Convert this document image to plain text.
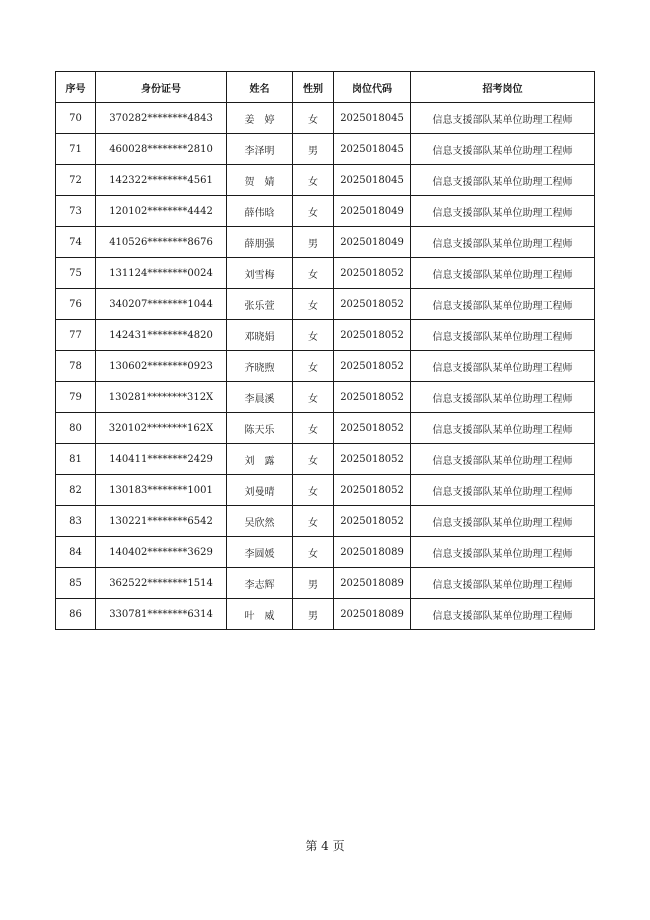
序号	身份证号	姓名	性别	岗位代码	招考岗位
70	370282********4843	姜　婷	女	2025018045	信息支援部队某单位助理工程师
71	460028********2810	李泽明	男	2025018045	信息支援部队某单位助理工程师
72	142322********4561	贺　婧	女	2025018045	信息支援部队某单位助理工程师
73	120102********4442	薛伟晗	女	2025018049	信息支援部队某单位助理工程师
74	410526********8676	薛朋强	男	2025018049	信息支援部队某单位助理工程师
75	131124********0024	刘雪梅	女	2025018052	信息支援部队某单位助理工程师
76	340207********1044	张乐萱	女	2025018052	信息支援部队某单位助理工程师
77	142431********4820	邓晓娟	女	2025018052	信息支援部队某单位助理工程师
78	130602********0923	齐晓煦	女	2025018052	信息支援部队某单位助理工程师
79	130281********312X	李晨溪	女	2025018052	信息支援部队某单位助理工程师
80	320102********162X	陈天乐	女	2025018052	信息支援部队某单位助理工程师
81	140411********2429	刘　露	女	2025018052	信息支援部队某单位助理工程师
82	130183********1001	刘曼晴	女	2025018052	信息支援部队某单位助理工程师
83	130221********6542	吴欣然	女	2025018052	信息支援部队某单位助理工程师
84	140402********3629	李圆媛	女	2025018089	信息支援部队某单位助理工程师
85	362522********1514	李志辉	男	2025018089	信息支援部队某单位助理工程师
86	330781********6314	叶　威	男	2025018089	信息支援部队某单位助理工程师
第 4 页
